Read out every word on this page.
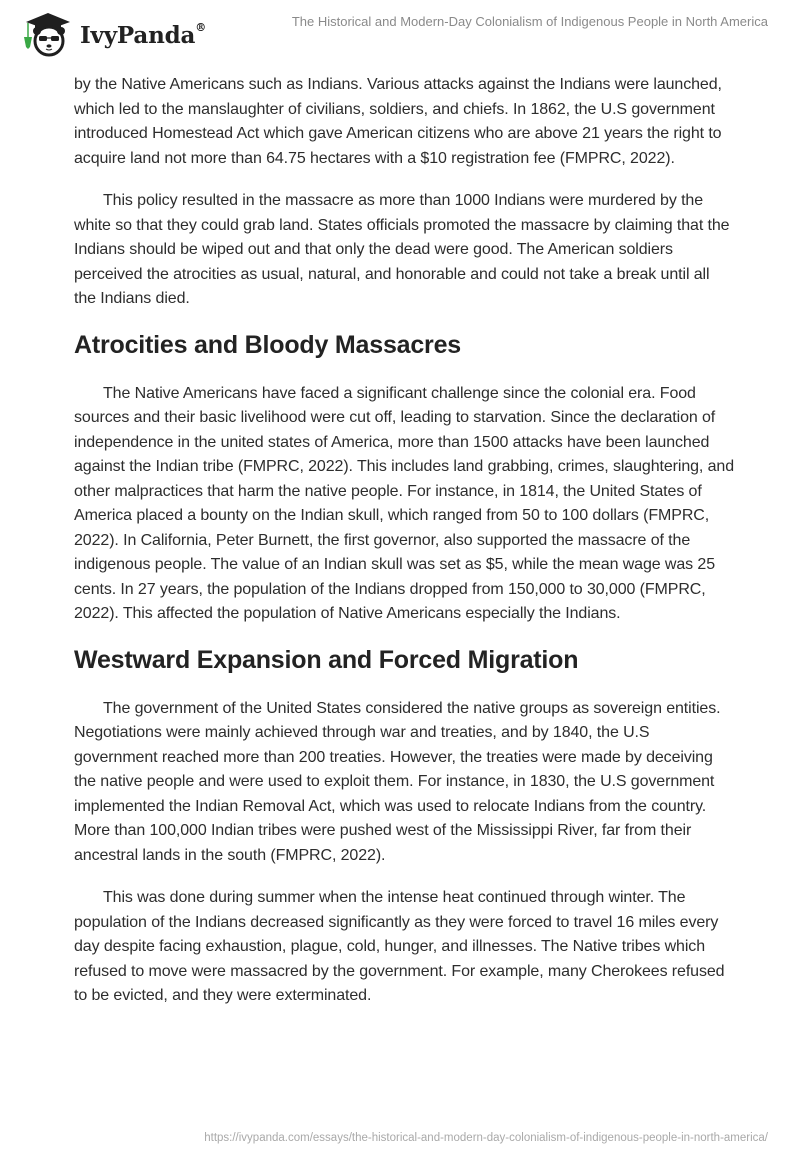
IvyPanda®	The Historical and Modern-Day Colonialism of Indigenous People in North America

by the Native Americans such as Indians. Various attacks against the Indians were launched, which led to the manslaughter of civilians, soldiers, and chiefs. In 1862, the U.S government introduced Homestead Act which gave American citizens who are above 21 years the right to acquire land not more than 64.75 hectares with a $10 registration fee (FMPRC, 2022).

This policy resulted in the massacre as more than 1000 Indians were murdered by the white so that they could grab land. States officials promoted the massacre by claiming that the Indians should be wiped out and that only the dead were good. The American soldiers perceived the atrocities as usual, natural, and honorable and could not take a break until all the Indians died.

Atrocities and Bloody Massacres

The Native Americans have faced a significant challenge since the colonial era. Food sources and their basic livelihood were cut off, leading to starvation. Since the declaration of independence in the united states of America, more than 1500 attacks have been launched against the Indian tribe (FMPRC, 2022). This includes land grabbing, crimes, slaughtering, and other malpractices that harm the native people. For instance, in 1814, the United States of America placed a bounty on the Indian skull, which ranged from 50 to 100 dollars (FMPRC, 2022). In California, Peter Burnett, the first governor, also supported the massacre of the indigenous people. The value of an Indian skull was set as $5, while the mean wage was 25 cents. In 27 years, the population of the Indians dropped from 150,000 to 30,000 (FMPRC, 2022). This affected the population of Native Americans especially the Indians.

Westward Expansion and Forced Migration

The government of the United States considered the native groups as sovereign entities. Negotiations were mainly achieved through war and treaties, and by 1840, the U.S government reached more than 200 treaties. However, the treaties were made by deceiving the native people and were used to exploit them. For instance, in 1830, the U.S government implemented the Indian Removal Act, which was used to relocate Indians from the country. More than 100,000 Indian tribes were pushed west of the Mississippi River, far from their ancestral lands in the south (FMPRC, 2022).

This was done during summer when the intense heat continued through winter. The population of the Indians decreased significantly as they were forced to travel 16 miles every day despite facing exhaustion, plague, cold, hunger, and illnesses. The Native tribes which refused to move were massacred by the government. For example, many Cherokees refused to be evicted, and they were exterminated.

https://ivypanda.com/essays/the-historical-and-modern-day-colonialism-of-indigenous-people-in-north-america/
